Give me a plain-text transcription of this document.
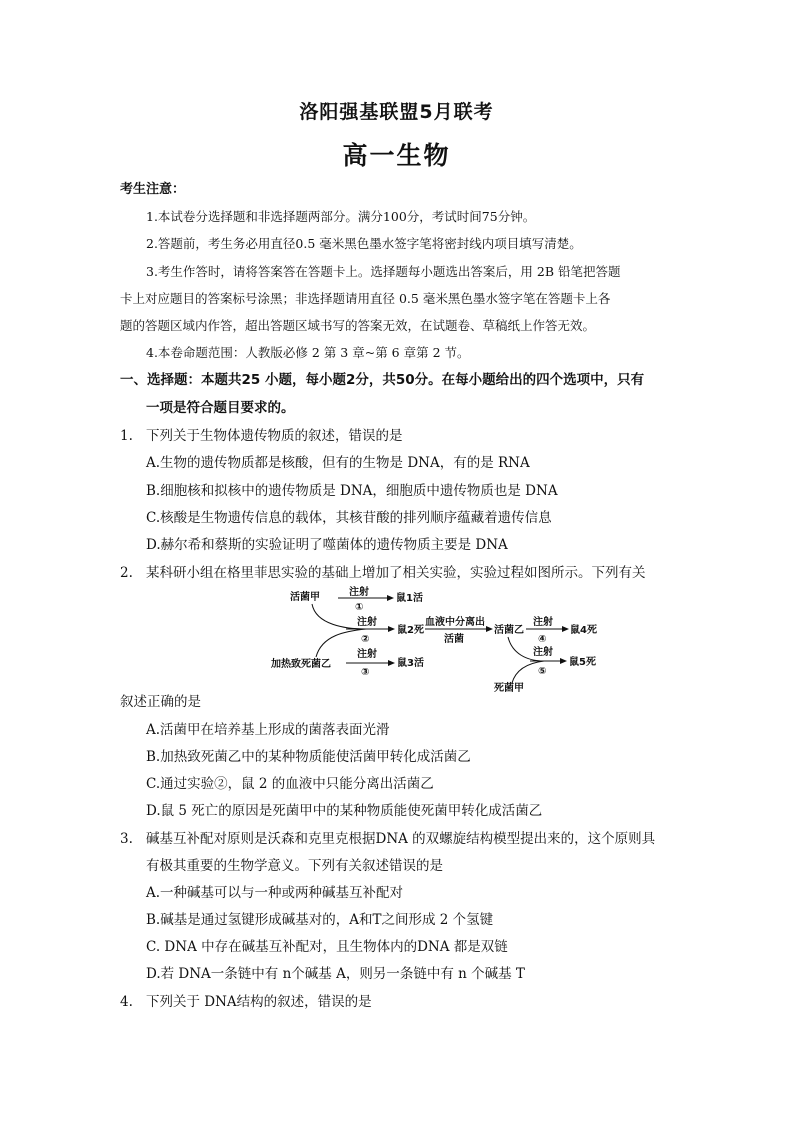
洛阳强基联盟5月联考
高一生物
考生注意：
1.本试卷分选择题和非选择题两部分。满分100分，考试时间75分钟。
2.答题前，考生务必用直径0.5 毫米黑色墨水签字笔将密封线内项目填写清楚。
3.考生作答时，请将答案答在答题卡上。选择题每小题选出答案后，用 2B 铅笔把答题
卡上对应题目的答案标号涂黑；非选择题请用直径 0.5 毫米黑色墨水签字笔在答题卡上各
题的答题区域内作答，超出答题区域书写的答案无效，在试题卷、草稿纸上作答无效。
4.本卷命题范围：人教版必修 2 第 3 章~第 6 章第 2 节。
一、选择题：本题共25 小题，每小题2分，共50分。在每小题给出的四个选项中，只有
一项是符合题目要求的。
1. 下列关于生物体遗传物质的叙述，错误的是
A.生物的遗传物质都是核酸，但有的生物是 DNA，有的是 RNA
B.细胞核和拟核中的遗传物质是 DNA，细胞质中遗传物质也是 DNA
C.核酸是生物遗传信息的载体，其核苷酸的排列顺序蕴藏着遗传信息
D.赫尔希和蔡斯的实验证明了噬菌体的遗传物质主要是 DNA
2. 某科研小组在格里菲思实验的基础上增加了相关实验，实验过程如图所示。下列有关
活菌甲	注射
①
鼠1活
注射
②
鼠2死
血液中分离出
活菌
活菌乙
注射
④
鼠4死
加热致死菌乙
注射
③
鼠3活
注射
⑤
鼠5死
死菌甲
叙述正确的是
A.活菌甲在培养基上形成的菌落表面光滑
B.加热致死菌乙中的某种物质能使活菌甲转化成活菌乙
C.通过实验②，鼠 2 的血液中只能分离出活菌乙
D.鼠 5 死亡的原因是死菌甲中的某种物质能使死菌甲转化成活菌乙
3. 碱基互补配对原则是沃森和克里克根据DNA 的双螺旋结构模型提出来的，这个原则具
有极其重要的生物学意义。下列有关叙述错误的是
A.一种碱基可以与一种或两种碱基互补配对
B.碱基是通过氢键形成碱基对的，A和T之间形成 2 个氢键
C. DNA 中存在碱基互补配对，且生物体内的DNA 都是双链
D.若 DNA一条链中有 n个碱基 A，则另一条链中有 n 个碱基 T
4. 下列关于 DNA结构的叙述，错误的是
